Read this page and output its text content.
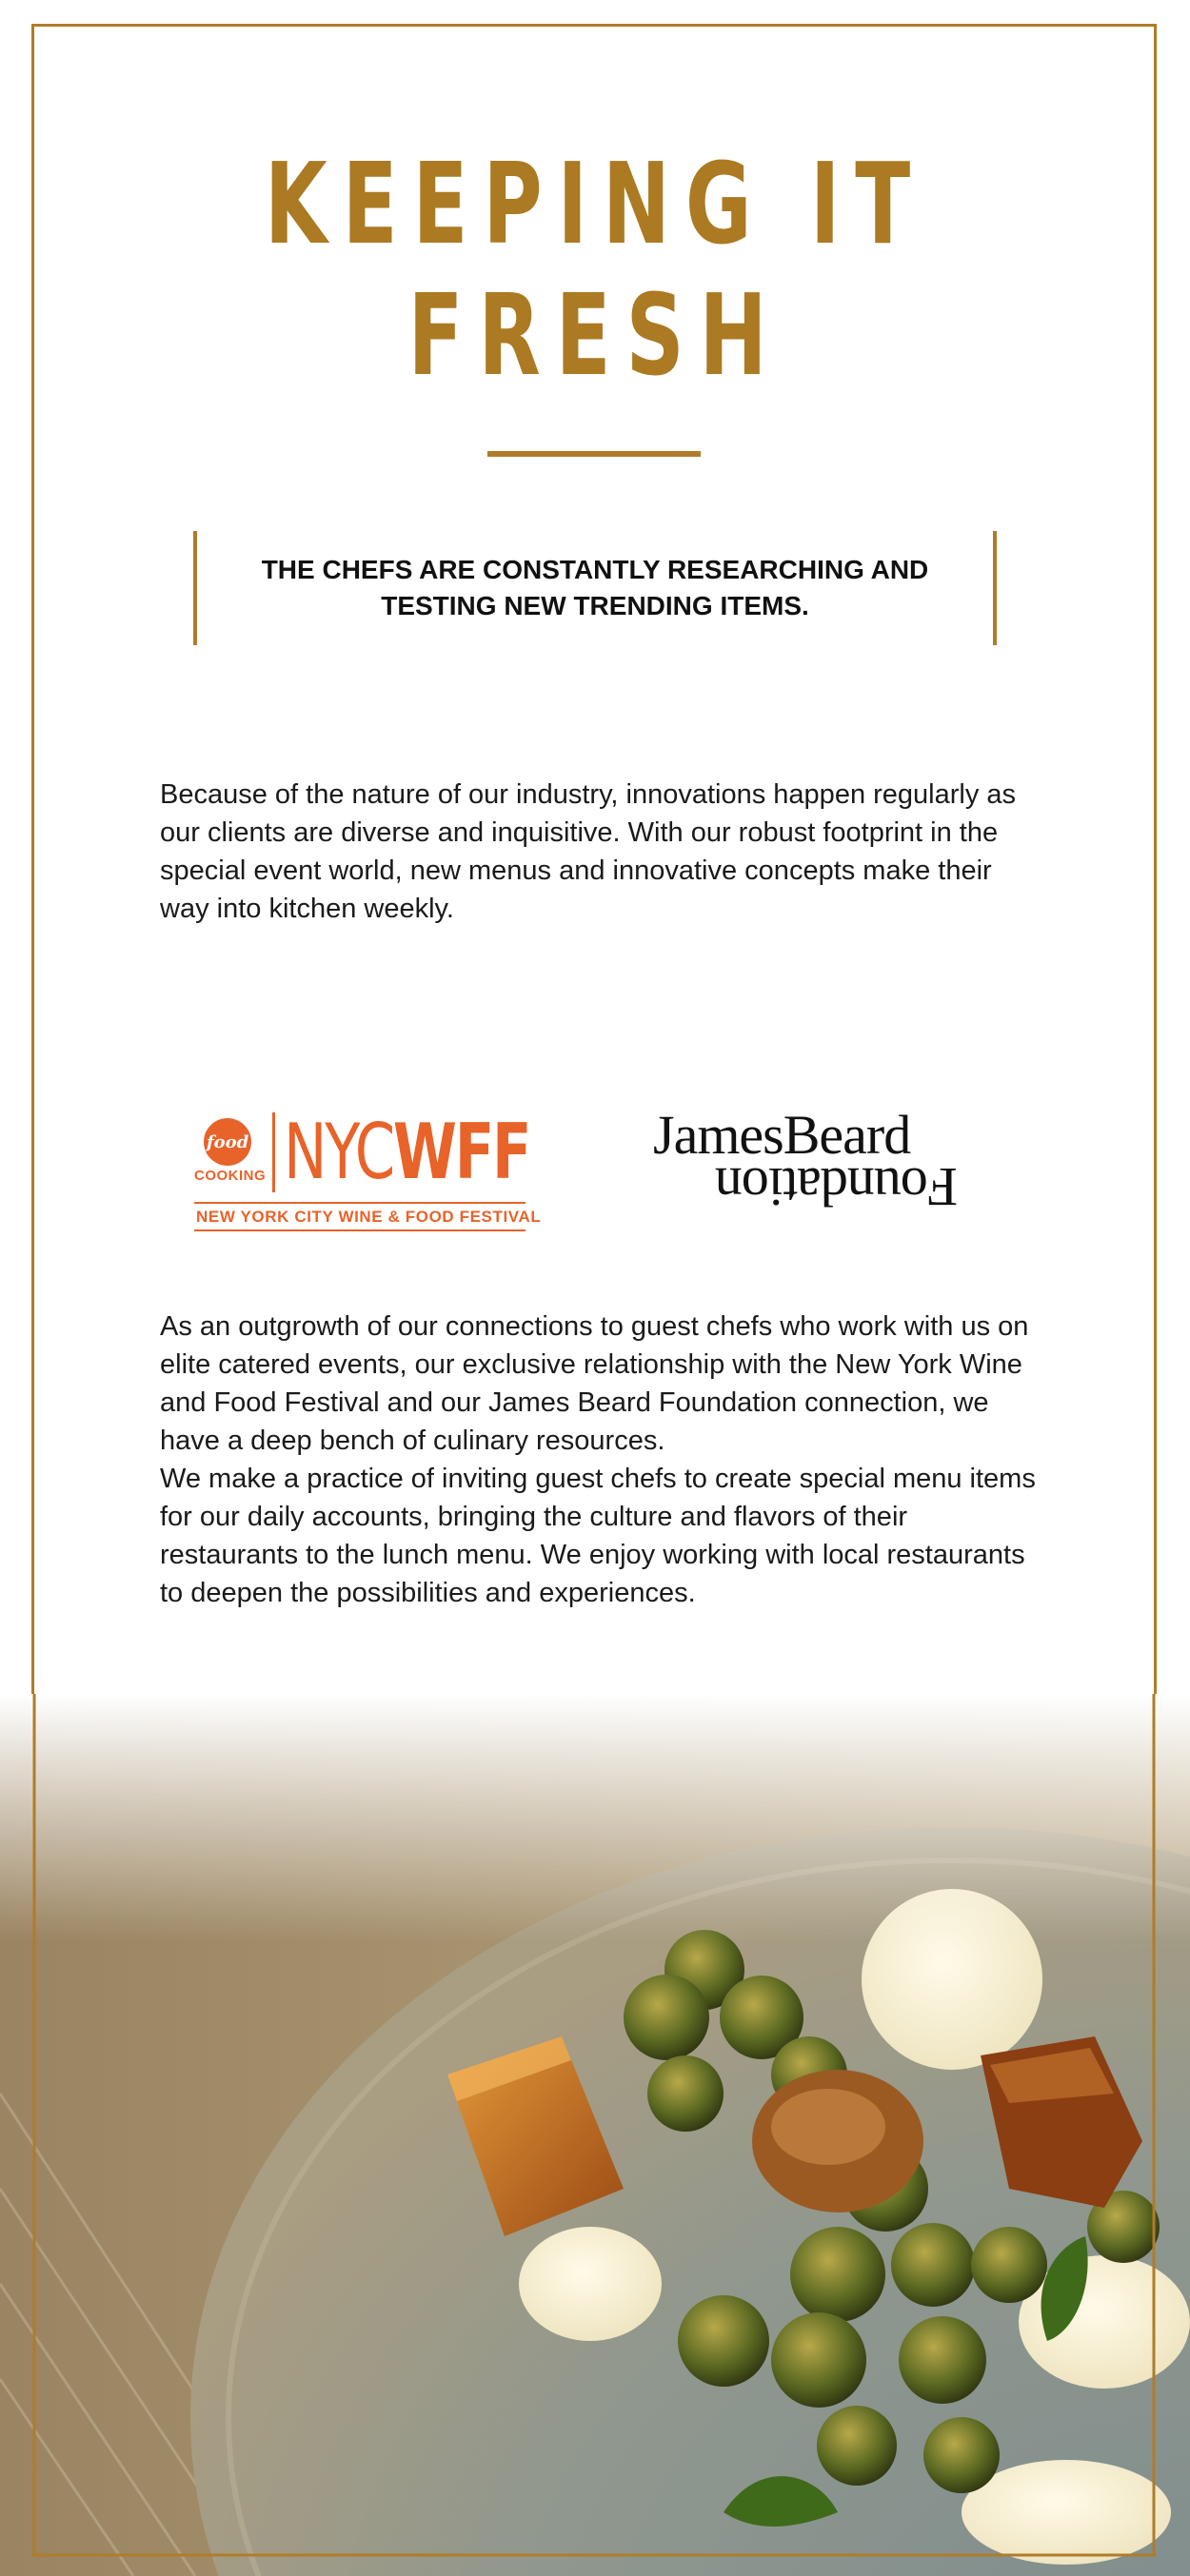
KEEPING IT
FRESH
THE CHEFS ARE CONSTANTLY RESEARCHING AND TESTING NEW TRENDING ITEMS.
Because of the nature of our industry, innovations happen regularly as our clients are diverse and inquisitive. With our robust footprint in the special event world, new menus and innovative concepts make their way into kitchen weekly.
food
COOKING NYCWFF
NEW YORK CITY WINE & FOOD FESTIVAL
JamesBeard
Foundation
As an outgrowth of our connections to guest chefs who work with us on elite catered events, our exclusive relationship with the New York Wine and Food Festival and our James Beard Foundation connection, we have a deep bench of culinary resources.
We make a practice of inviting guest chefs to create special menu items for our daily accounts, bringing the culture and flavors of their restaurants to the lunch menu. We enjoy working with local restaurants to deepen the possibilities and experiences.
